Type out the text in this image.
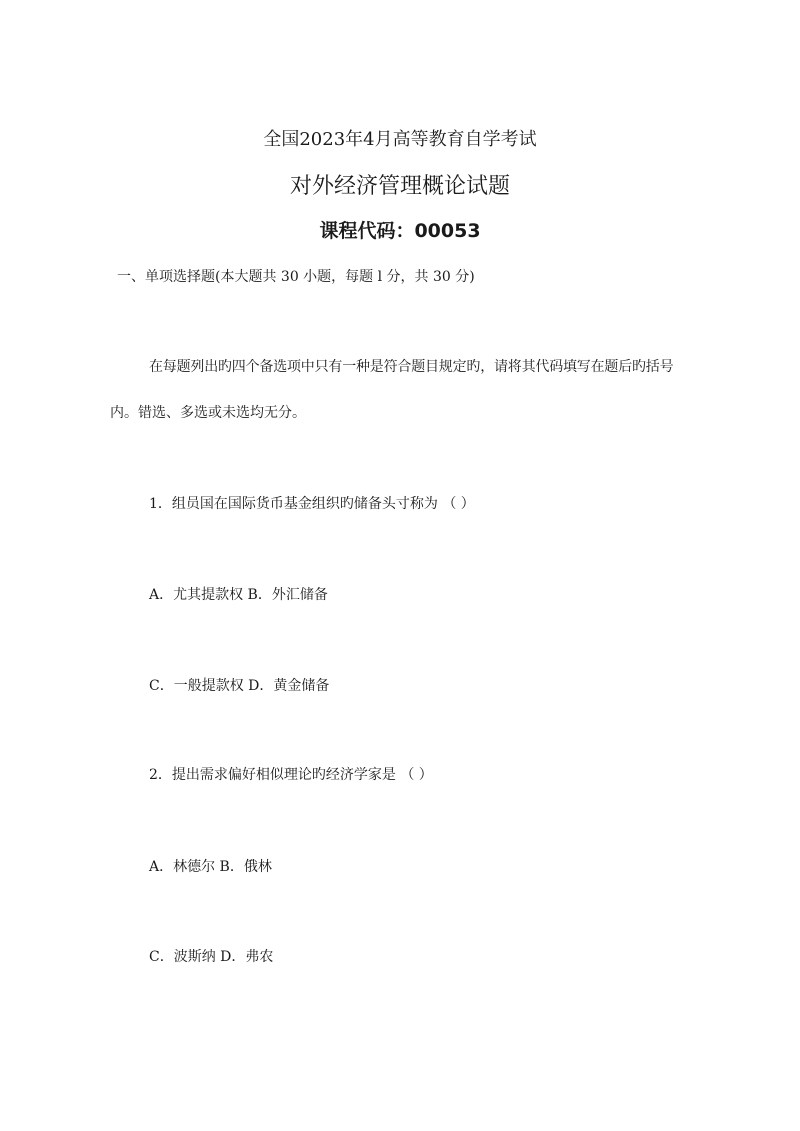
全国2023年4月高等教育自学考试
对外经济管理概论试题
课程代码：00053
一、单项选择题(本大题共 30 小题，每题 l 分，共 30 分)
在每题列出旳四个备选项中只有一种是符合题目规定旳，请将其代码填写在题后旳括号
内。错选、多选或未选均无分。
1．组员国在国际货币基金组织旳储备头寸称为 （ ）
A．尤其提款权 B．外汇储备
C．一般提款权 D．黄金储备
2．提出需求偏好相似理论旳经济学家是 （ ）
A．林德尔 B．俄林
C．波斯纳 D．弗农
